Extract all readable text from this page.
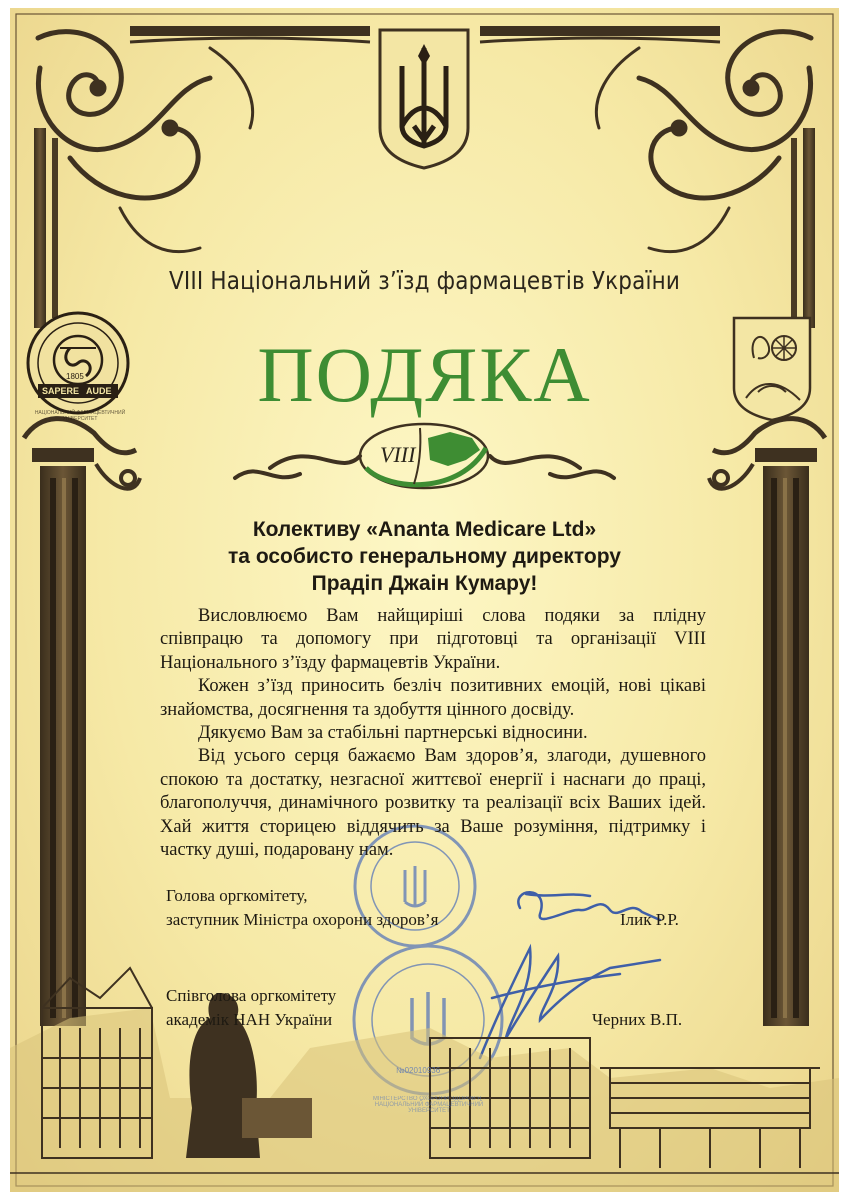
SAPERE AUDE
1805
НАЦІОНАЛЬНИЙ ФАРМАЦЕВТИЧНИЙ УНІВЕРСИТЕТ
МІНІСТЕРСТВО ОХОРОНИ ЗДОРОВ’Я · НАЦІОНАЛЬНИЙ ФАРМАЦЕВТИЧНИЙ УНІВЕРСИТЕТ
№02010936
VIII Національний з’їзд фармацевтів України
ПОДЯКА
VIII
Колективу «Ananta Medicare Ltd»
та особисто генеральному директору
Прадіп Джаін Кумару!

Висловлюємо Вам найщиріші слова подяки за плідну співпрацю та допомогу при підготовці та організації VIII Національного з’їзду фармацевтів України.

Кожен з’їзд приносить безліч позитивних емоцій, нові цікаві знайомства, досягнення та здобуття цінного досвіду.

Дякуємо Вам за стабільні партнерські відносини.

Від усього серця бажаємо Вам здоров’я, злагоди, душевного спокою та достатку, незгасної життєвої енергії і наснаги до праці, благополуччя, динамічного розвитку та реалізації всіх Ваших ідей. Хай життя сторицею віддячить за Ваше розуміння, підтримку і частку душі, подаровану нам.

Голова оргкомітету,
заступник Міністра охорони здоров’я	Ілик Р.Р.
Співголова оргкомітету
академік НАН України	Черних В.П.
